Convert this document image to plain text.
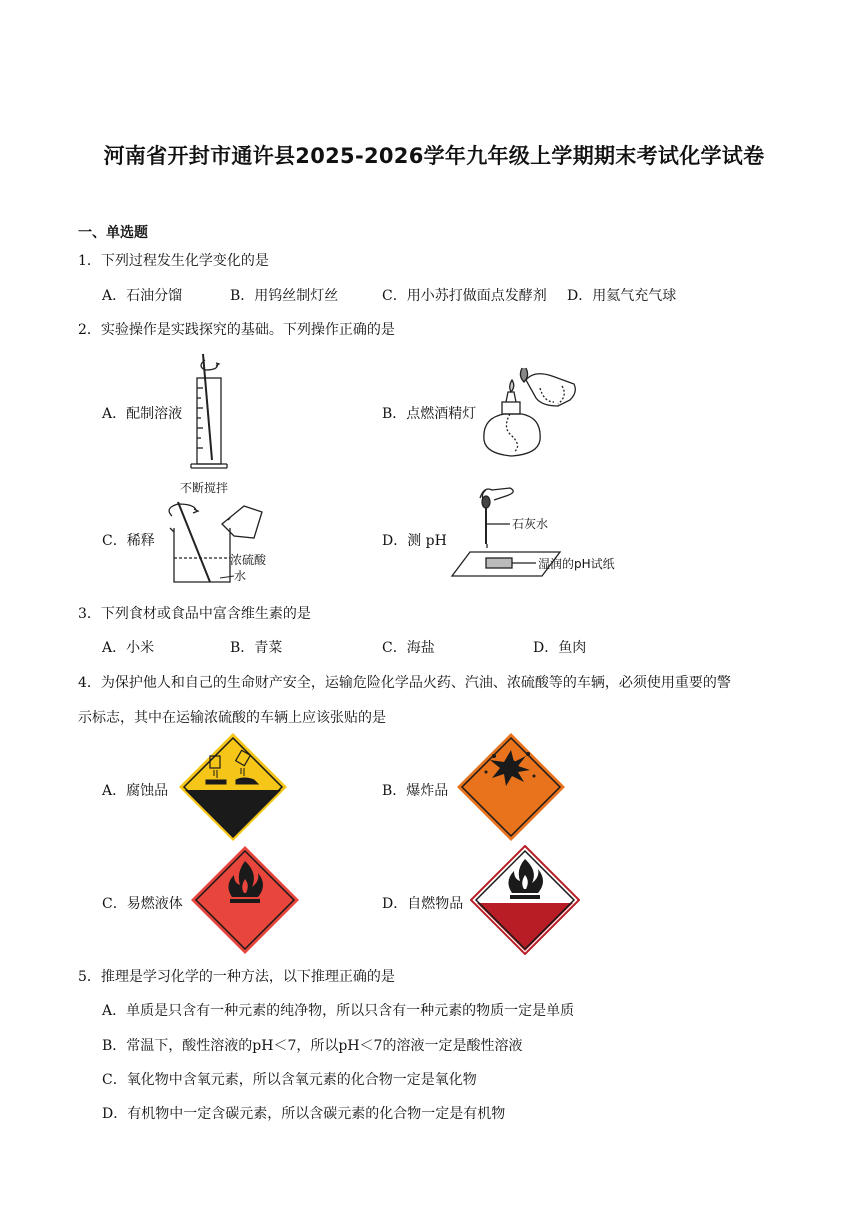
河南省开封市通许县2025-2026学年九年级上学期期末考试化学试卷
一、单选题
1．下列过程发生化学变化的是
A．石油分馏	B．用钨丝制灯丝	C．用小苏打做面点发酵剂 D．用氦气充气球
2．实验操作是实践探究的基础。下列操作正确的是
A．配制溶液	B．点燃酒精灯
C．稀释	D．测 pH
不断搅拌
浓硫酸
水
石灰水
湿润的pH试纸
3．下列食材或食品中富含维生素的是
A．小米	B．青菜	C．海盐	D．鱼肉
4．为保护他人和自己的生命财产安全，运输危险化学品火药、汽油、浓硫酸等的车辆，必须使用重要的警
示标志，其中在运输浓硫酸的车辆上应该张贴的是
A．腐蚀品	B．爆炸品
C．易燃液体	D．自燃物品
5．推理是学习化学的一种方法，以下推理正确的是
A．单质是只含有一种元素的纯净物，所以只含有一种元素的物质一定是单质
B．常温下，酸性溶液的pH＜7，所以pH＜7的溶液一定是酸性溶液
C．氧化物中含氧元素，所以含氧元素的化合物一定是氧化物
D．有机物中一定含碳元素，所以含碳元素的化合物一定是有机物
